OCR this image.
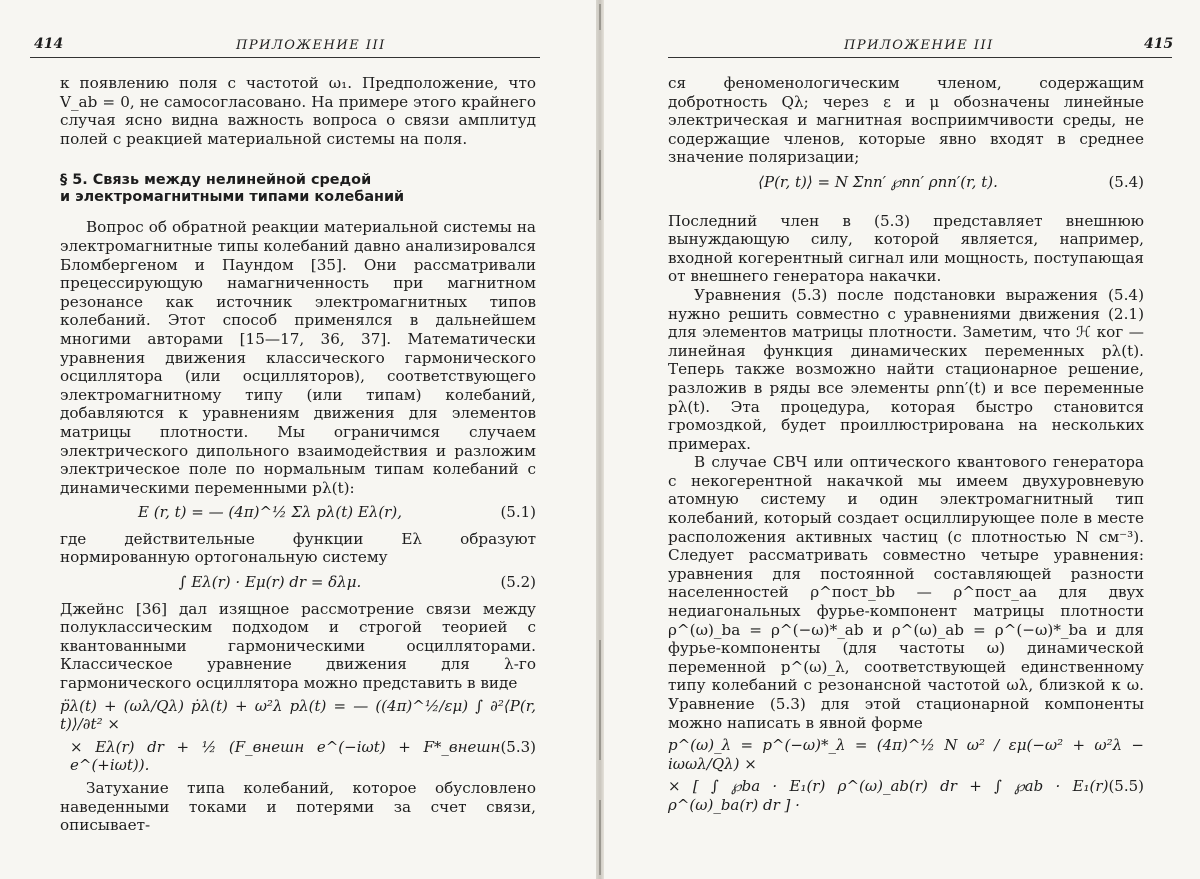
414	ПРИЛОЖЕНИЕ III

к появлению поля с частотой ω₁. Предположение, что V_ab = 0, не самосогласовано. На примере этого крайнего случая ясно видна важность вопроса о связи амплитуд полей с реакцией материальной системы на поля.

§ 5. Связь между нелинейной средой
и электромагнитными типами колебаний

Вопрос об обратной реакции материальной системы на электромагнитные типы колебаний давно анализировался Бломбергеном и Паундом [35]. Они рассматривали прецессирующую намагниченность при магнитном резонансе как источник электромагнитных типов колебаний. Этот способ применялся в дальнейшем многими авторами [15—17, 36, 37]. Математически уравнения движения классического гармонического осциллятора (или осцилляторов), соответствующего электромагнитному типу (или типам) колебаний, добавляются к уравнениям движения для элементов матрицы плотности. Мы ограничимся случаем электрического дипольного взаимодействия и разложим электрическое поле по нормальным типам колебаний с динамическими переменными pλ(t):

E (r, t) = — (4π)^½ Σλ pλ(t) Eλ(r),	(5.1)

где действительные функции Eλ образуют нормированную ортогональную систему

∫ Eλ(r) · Eμ(r) dr = δλμ.	(5.2)

Джейнс [36] дал изящное рассмотрение связи между полуклассическим подходом и строгой теорией с квантованными гармоническими осцилляторами. Классическое уравнение движения для λ-го гармонического осциллятора можно представить в виде

p̈λ(t) + (ωλ/Qλ) ṗλ(t) + ω²λ pλ(t) = — ((4π)^½/εμ) ∫ ∂²⟨P(r, t)⟩/∂t² ×
× Eλ(r) dr + ½ (F_внешн e^(−iωt) + F*_внешн e^(+iωt)).
(5.3)

Затухание типа колебаний, которое обусловлено наведенными токами и потерями за счет связи, описывает-

ПРИЛОЖЕНИЕ III	415

ся феноменологическим членом, содержащим добротность Qλ; через ε и μ обозначены линейные электрическая и магнитная восприимчивости среды, не содержащие членов, которые явно входят в среднее значение поляризации;

⟨P(r, t)⟩ = N Σnn′ ℘nn′ ρnn′(r, t).	(5.4)

Последний член в (5.3) представляет внешнюю вынуждающую силу, которой является, например, входной когерентный сигнал или мощность, поступающая от внешнего генератора накачки.

Уравнения (5.3) после подстановки выражения (5.4) нужно решить совместно с уравнениями движения (2.1) для элементов матрицы плотности. Заметим, что ℋ ког — линейная функция динамических переменных pλ(t). Теперь также возможно найти стационарное решение, разложив в ряды все элементы ρnn′(t) и все переменные pλ(t). Эта процедура, которая быстро становится громоздкой, будет проиллюстрирована на нескольких примерах.

В случае СВЧ или оптического квантового генератора с некогерентной накачкой мы имеем двухуровневую атомную систему и один электромагнитный тип колебаний, который создает осциллирующее поле в месте расположения активных частиц (с плотностью N см⁻³). Следует рассматривать совместно четыре уравнения: уравнения для постоянной составляющей разности населенностей ρ^пост_bb — ρ^пост_aa для двух недиагональных фурье-компонент матрицы плотности ρ^(ω)_ba = ρ^(−ω)*_ab и ρ^(ω)_ab = ρ^(−ω)*_ba и для фурье-компоненты (для частоты ω) динамической переменной p^(ω)_λ, соответствующей единственному типу колебаний с резонансной частотой ωλ, близкой к ω. Уравнение (5.3) для этой стационарной компоненты можно написать в явной форме

p^(ω)_λ = p^(−ω)*_λ = (4π)^½ N ω² / εμ(−ω² + ω²λ − iωωλ/Qλ) ×
× [ ∫ ℘ba · E₁(r) ρ^(ω)_ab(r) dr + ∫ ℘ab · E₁(r) ρ^(ω)_ba(r) dr ] ·
(5.5)
